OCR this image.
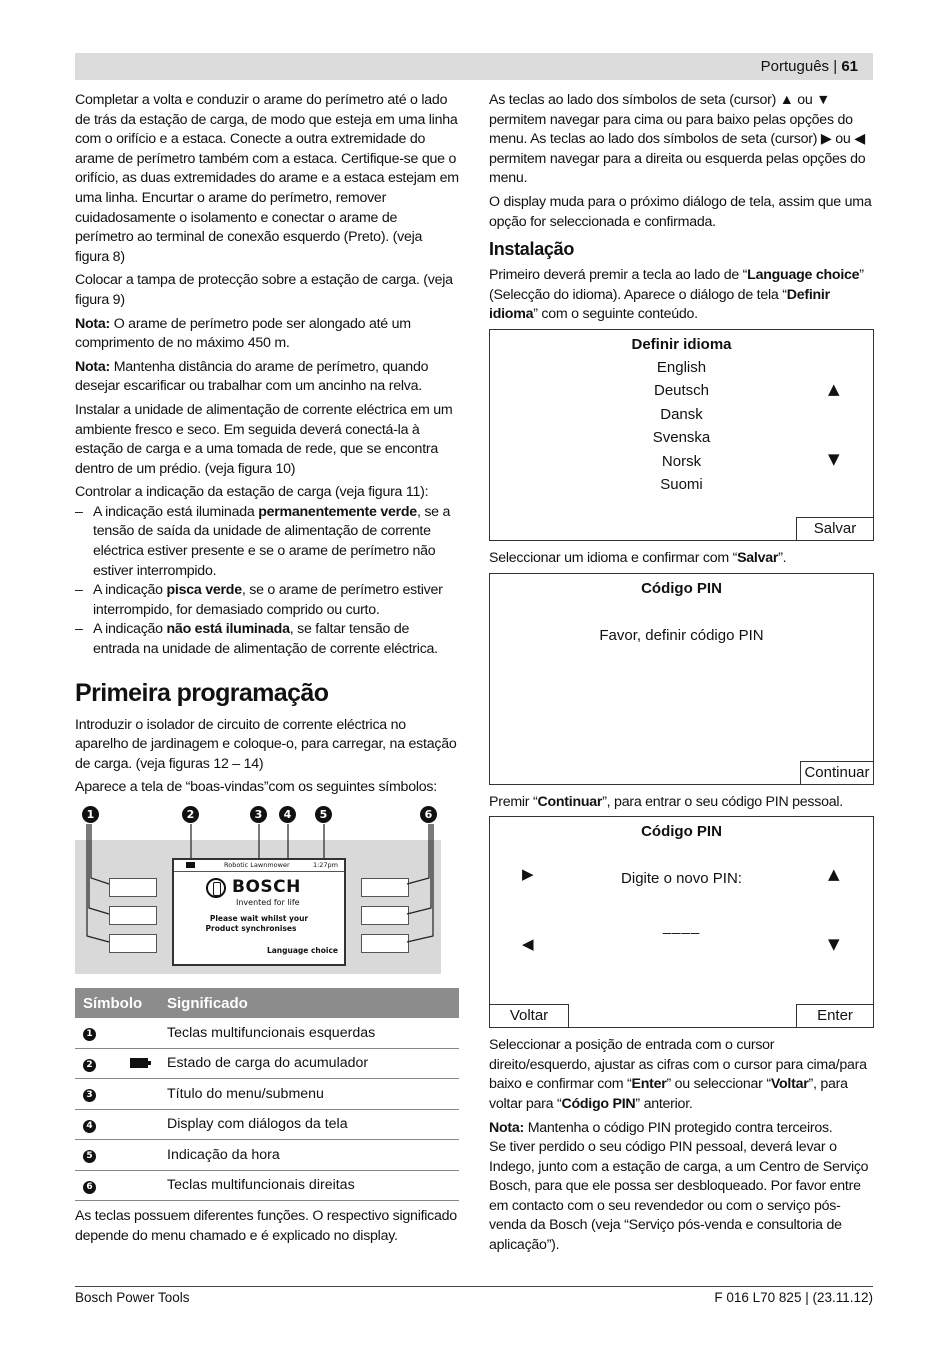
Português | 61

Completar a volta e conduzir o arame do perímetro até o lado de trás da estação de carga, de modo que esteja em uma linha com o orifício e a estaca. Conecte a outra extremidade do arame de perímetro também com a estaca. Certifique-se que o orifício, as duas extremidades do arame e a estaca estejam em uma linha. Encurtar o arame do perímetro, remover cuidadosamente o isolamento e conectar o arame de perímetro ao terminal de conexão esquerdo (Preto). (veja figura 8)

Colocar a tampa de protecção sobre a estação de carga. (veja figura 9)

Nota: O arame de perímetro pode ser alongado até um comprimento de no máximo 450 m.

Nota: Mantenha distância do arame de perímetro, quando desejar escarificar ou trabalhar com um ancinho na relva.

Instalar a unidade de alimentação de corrente eléctrica em um ambiente fresco e seco. Em seguida deverá conectá-la à estação de carga e a uma tomada de rede, que se encontra dentro de um prédio. (veja figura 10)

Controlar a indicação da estação de carga (veja figura 11):

– A indicação está iluminada permanentemente verde, se a tensão de saída da unidade de alimentação de corrente eléctrica estiver presente e se o arame de perímetro não estiver interrompido.
– A indicação pisca verde, se o arame de perímetro estiver interrompido, for demasiado comprido ou curto.
– A indicação não está iluminada, se faltar tensão de entrada na unidade de alimentação de corrente eléctrica.
Primeira programação

Introduzir o isolador de circuito de corrente eléctrica no aparelho de jardinagem e coloque-o, para carregar, na estação de carga. (veja figuras 12 – 14)

Aparece a tela de “boas-vindas”com os seguintes símbolos:

1	2	3	4	5	6
Robotic Lawnmower	1:27pm
BOSCH
Invented for life
Please wait whilst your
Product synchronises
Language choice
Símbolo	Significado
1	Teclas multifuncionais esquerdas
2	Estado de carga do acumulador
3	Título do menu/submenu
4	Display com diálogos da tela
5	Indicação da hora
6	Teclas multifuncionais direitas

As teclas possuem diferentes funções. O respectivo significado depende do menu chamado e é explicado no display.

As teclas ao lado dos símbolos de seta (cursor) ▲ ou ▼ permitem navegar para cima ou para baixo pelas opções do menu. As teclas ao lado dos símbolos de seta (cursor) ▶ ou ◀ permitem navegar para a direita ou esquerda pelas opções do menu.

O display muda para o próximo diálogo de tela, assim que uma opção for seleccionada e confirmada.

Instalação

Primeiro deverá premir a tecla ao lado de “Language choice” (Selecção do idioma). Aparece o diálogo de tela “Definir idioma” com o seguinte conteúdo.

Definir idioma
English
Deutsch
Dansk
Svenska
Norsk
Suomi
▲
▼
Salvar

Seleccionar um idioma e confirmar com “Salvar”.

Código PIN
Favor, definir código PIN
Continuar

Premir “Continuar”, para entrar o seu código PIN pessoal.

Código PIN
Digite o novo PIN:
____
▶
◀
▲
▼
Voltar	Enter

Seleccionar a posição de entrada com o cursor direito/esquerdo, ajustar as cifras com o cursor para cima/para baixo e confirmar com “Enter” ou seleccionar “Voltar”, para voltar para “Código PIN” anterior.

Nota: Mantenha o código PIN protegido contra terceiros.

Se tiver perdido o seu código PIN pessoal, deverá levar o Indego, junto com a estação de carga, a um Centro de Serviço Bosch, para que ele possa ser desbloqueado. Por favor entre em contacto com o seu revendedor ou com o serviço pós-venda da Bosch (veja “Serviço pós-venda e consultoria de aplicação”).

Bosch Power Tools	F 016 L70 825 | (23.11.12)
